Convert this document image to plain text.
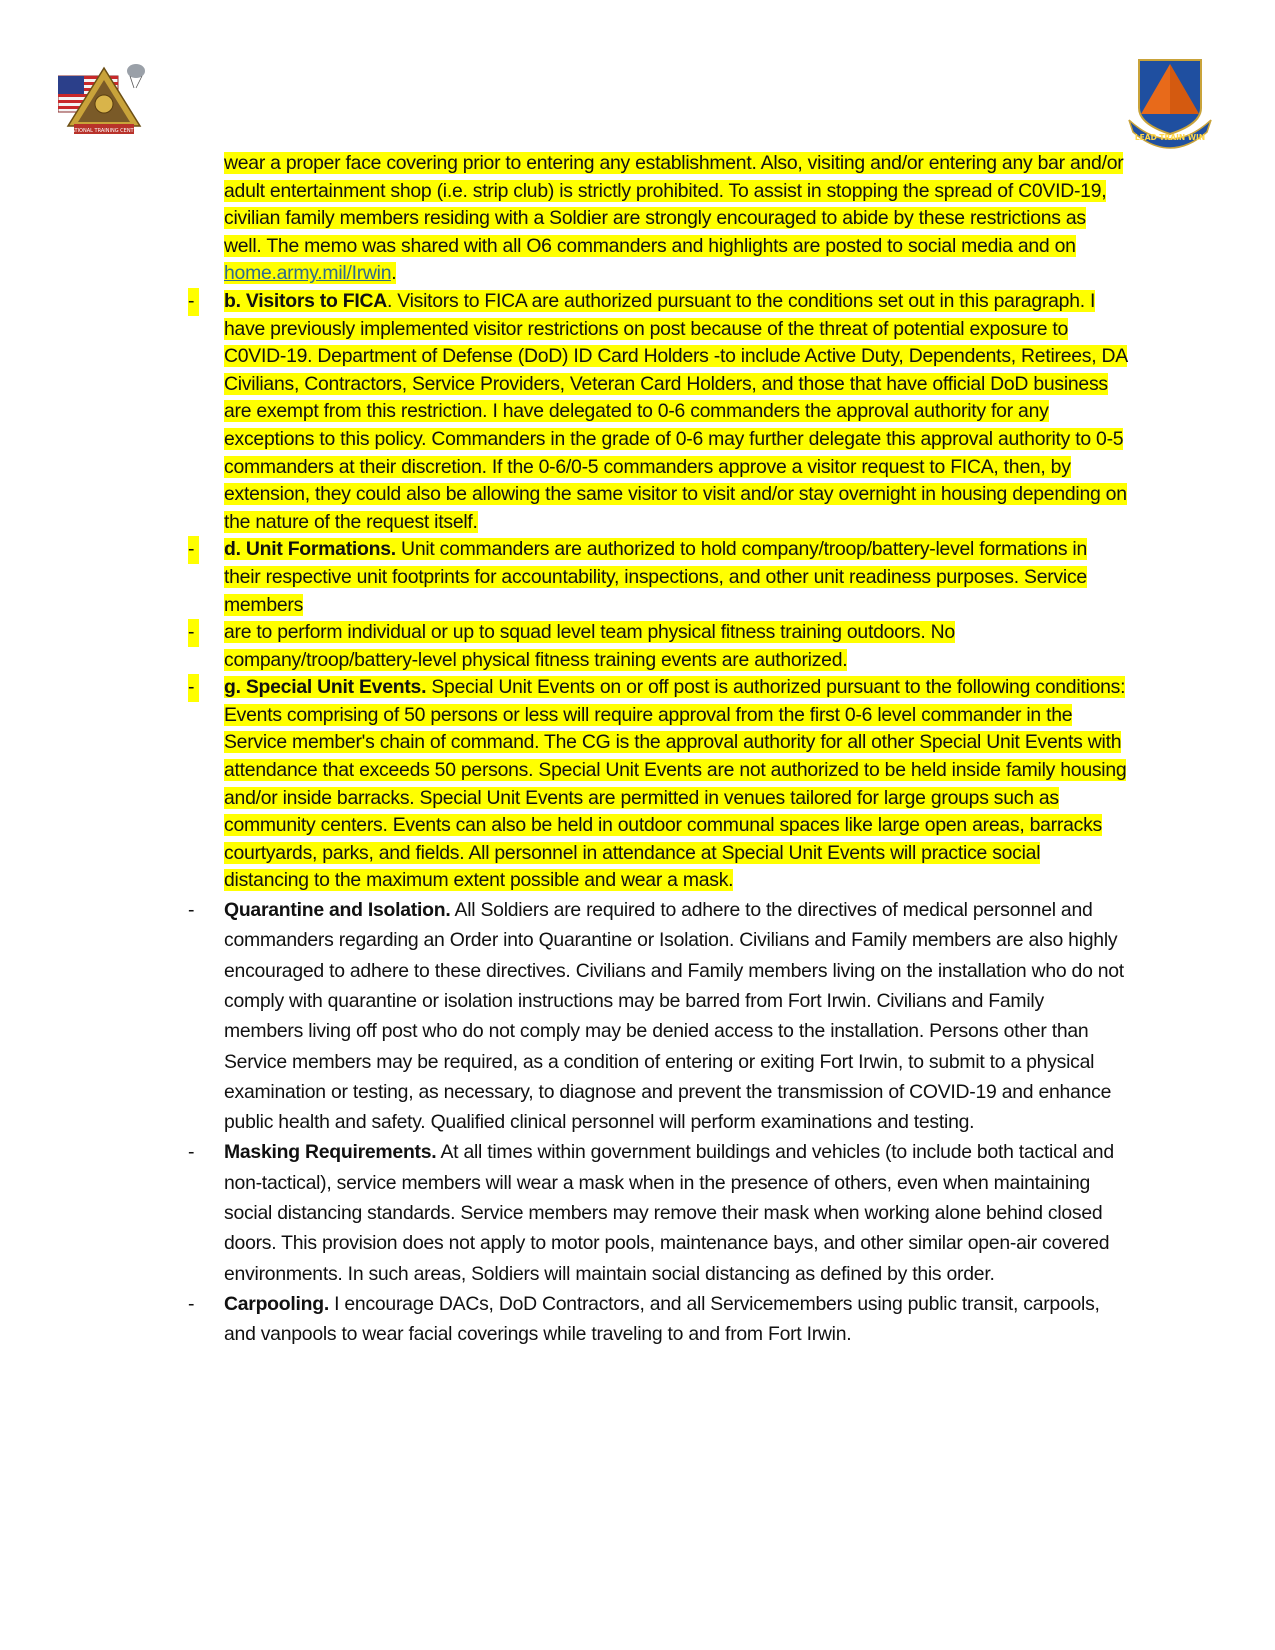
NATIONAL TRAINING CENTER
LEAD TRAIN WIN
wear a proper face covering prior to entering any establishment. Also, visiting and/or entering any bar and/or adult entertainment shop (i.e. strip club) is strictly prohibited. To assist in stopping the spread of C0VID-19, civilian family members residing with a Soldier are strongly encouraged to abide by these restrictions as well. The memo was shared with all O6 commanders and highlights are posted to social media and on home.army.mil/Irwin.
- b. Visitors to FICA. Visitors to FICA are authorized pursuant to the conditions set out in this paragraph. I have previously implemented visitor restrictions on post because of the threat of potential exposure to C0VID-19. Department of Defense (DoD) ID Card Holders -to include Active Duty, Dependents, Retirees, DA Civilians, Contractors, Service Providers, Veteran Card Holders, and those that have official DoD business are exempt from this restriction. I have delegated to 0-6 commanders the approval authority for any exceptions to this policy. Commanders in the grade of 0-6 may further delegate this approval authority to 0-5 commanders at their discretion. If the 0-6/0-5 commanders approve a visitor request to FICA, then, by extension, they could also be allowing the same visitor to visit and/or stay overnight in housing depending on the nature of the request itself.
- d. Unit Formations. Unit commanders are authorized to hold company/troop/battery-level formations in their respective unit footprints for accountability, inspections, and other unit readiness purposes. Service members
- are to perform individual or up to squad level team physical fitness training outdoors. No company/troop/battery-level physical fitness training events are authorized.
- g. Special Unit Events. Special Unit Events on or off post is authorized pursuant to the following conditions: Events comprising of 50 persons or less will require approval from the first 0-6 level commander in the Service member's chain of command. The CG is the approval authority for all other Special Unit Events with attendance that exceeds 50 persons. Special Unit Events are not authorized to be held inside family housing and/or inside barracks. Special Unit Events are permitted in venues tailored for large groups such as community centers. Events can also be held in outdoor communal spaces like large open areas, barracks courtyards, parks, and fields. All personnel in attendance at Special Unit Events will practice social distancing to the maximum extent possible and wear a mask.
- Quarantine and Isolation. All Soldiers are required to adhere to the directives of medical personnel and commanders regarding an Order into Quarantine or Isolation. Civilians and Family members are also highly encouraged to adhere to these directives. Civilians and Family members living on the installation who do not comply with quarantine or isolation instructions may be barred from Fort Irwin. Civilians and Family members living off post who do not comply may be denied access to the installation. Persons other than Service members may be required, as a condition of entering or exiting Fort Irwin, to submit to a physical examination or testing, as necessary, to diagnose and prevent the transmission of COVID-19 and enhance public health and safety. Qualified clinical personnel will perform examinations and testing.
- Masking Requirements. At all times within government buildings and vehicles (to include both tactical and non-tactical), service members will wear a mask when in the presence of others, even when maintaining social distancing standards. Service members may remove their mask when working alone behind closed doors. This provision does not apply to motor pools, maintenance bays, and other similar open-air covered environments. In such areas, Soldiers will maintain social distancing as defined by this order.
- Carpooling. I encourage DACs, DoD Contractors, and all Servicemembers using public transit, carpools, and vanpools to wear facial coverings while traveling to and from Fort Irwin.
